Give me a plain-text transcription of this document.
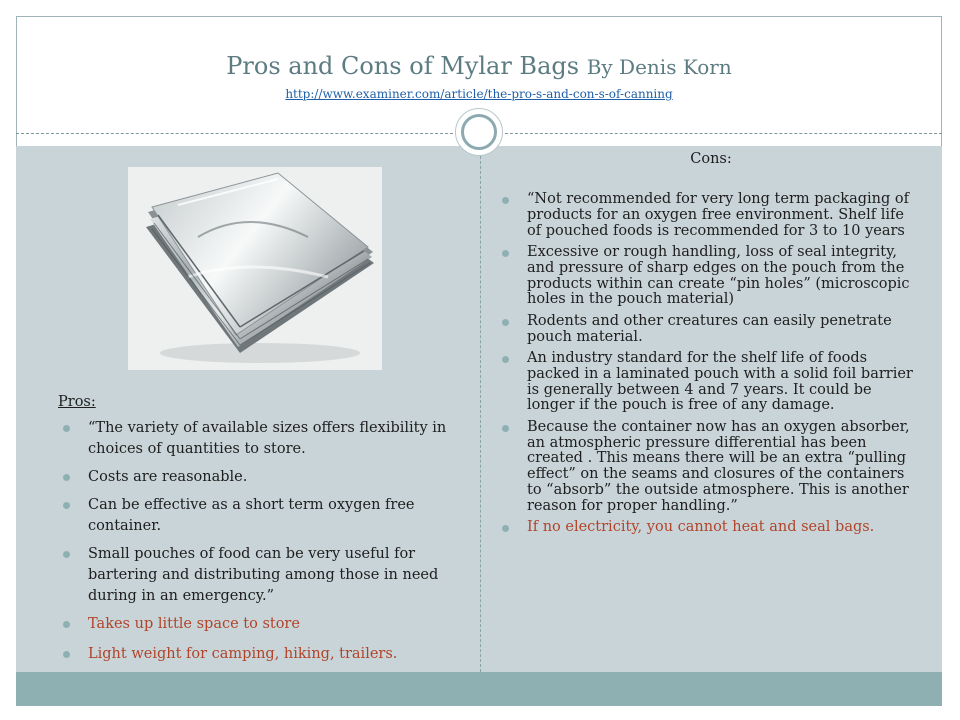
Pros and Cons of Mylar Bags By Denis Korn
http://www.examiner.com/article/the-pro-s-and-con-s-of-canning
Pros:
“The variety of available sizes offers flexibility in choices of quantities to store.
Costs are reasonable.
Can be effective as a short term oxygen free container.
Small pouches of food can be very useful for bartering and distributing among those in need during in an emergency.”
Takes up little space to store
Light weight for camping, hiking, trailers.
Cons:
“Not recommended for very long term packaging of products for an oxygen free environment. Shelf life of pouched foods is recommended for 3 to 10 years
Excessive or rough handling, loss of seal integrity, and pressure of sharp edges on the pouch from the products within can create “pin holes” (microscopic holes in the pouch material)
Rodents and other creatures can easily penetrate pouch material.
An industry standard for the shelf life of foods packed in a laminated pouch with a solid foil barrier is generally between 4 and 7 years. It could be longer if the pouch is free of any damage.
Because the container now has an oxygen absorber, an atmospheric pressure differential has been created . This means there will be an extra “pulling effect” on the seams and closures of the containers to “absorb” the outside atmosphere. This is another reason for proper handling.”
If no electricity, you cannot heat and seal bags.
